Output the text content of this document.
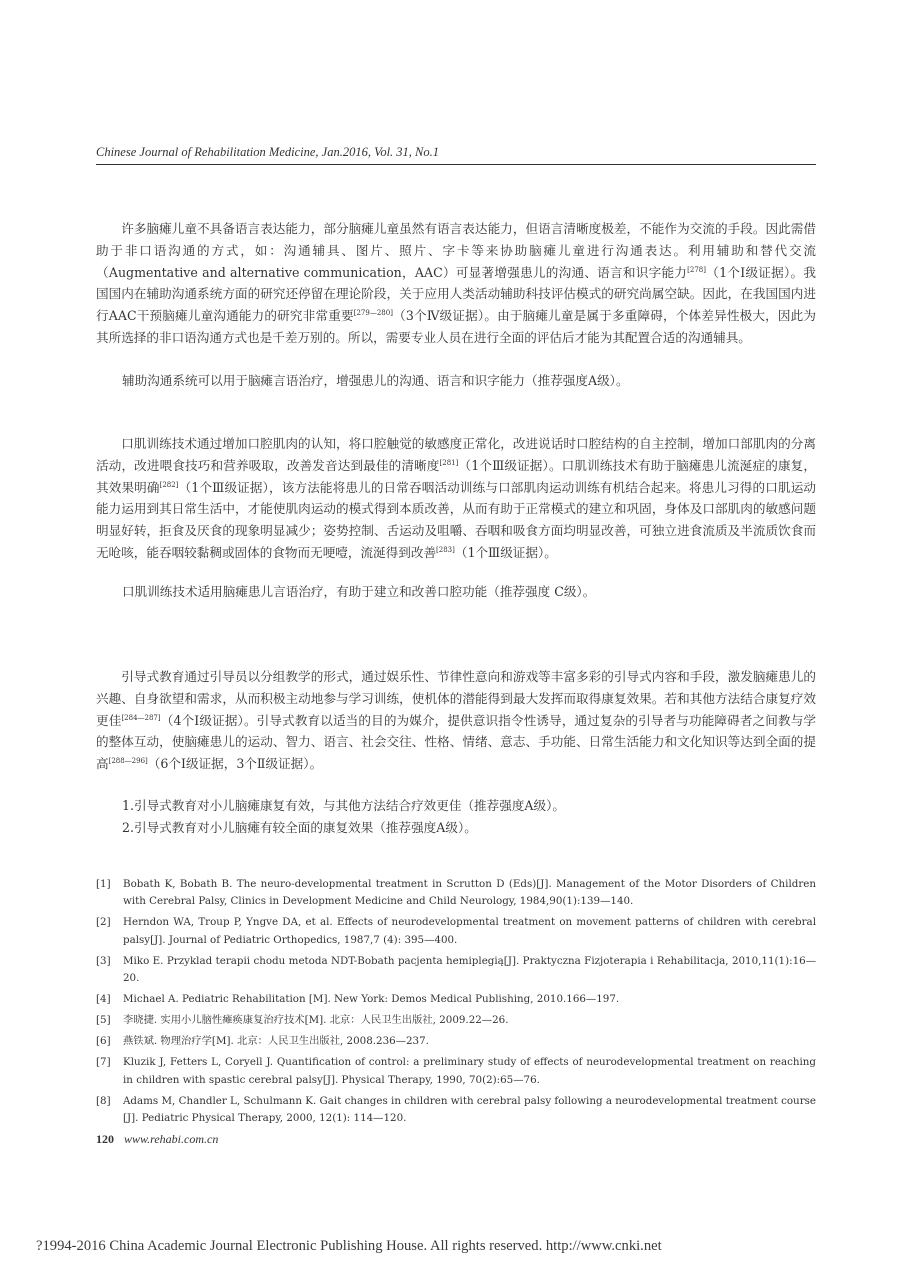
Chinese Journal of Rehabilitation Medicine, Jan.2016, Vol. 31, No.1

许多脑瘫儿童不具备语言表达能力，部分脑瘫儿童虽然有语言表达能力，但语言清晰度极差，不能作为交流的手段。因此需借助于非口语沟通的方式，如：沟通辅具、图片、照片、字卡等来协助脑瘫儿童进行沟通表达。利用辅助和替代交流（Augmentative and alternative communication，AAC）可显著增强患儿的沟通、语言和识字能力[278]（1个Ⅰ级证据）。我国国内在辅助沟通系统方面的研究还停留在理论阶段，关于应用人类活动辅助科技评估模式的研究尚属空缺。因此，在我国国内进行AAC干预脑瘫儿童沟通能力的研究非常重要[279—280]（3个Ⅳ级证据）。由于脑瘫儿童是属于多重障碍，个体差异性极大，因此为其所选择的非口语沟通方式也是千差万别的。所以，需要专业人员在进行全面的评估后才能为其配置合适的沟通辅具。

辅助沟通系统可以用于脑瘫言语治疗，增强患儿的沟通、语言和识字能力（推荐强度A级）。

口肌训练技术通过增加口腔肌肉的认知，将口腔触觉的敏感度正常化，改进说话时口腔结构的自主控制，增加口部肌肉的分离活动，改进喂食技巧和营养吸取，改善发音达到最佳的清晰度[281]（1个Ⅲ级证据）。口肌训练技术有助于脑瘫患儿流涎症的康复，其效果明确[282]（1个Ⅲ级证据），该方法能将患儿的日常吞咽活动训练与口部肌肉运动训练有机结合起来。将患儿习得的口肌运动能力运用到其日常生活中，才能使肌肉运动的模式得到本质改善，从而有助于正常模式的建立和巩固，身体及口部肌肉的敏感问题明显好转，拒食及厌食的现象明显减少；姿势控制、舌运动及咀嚼、吞咽和吸食方面均明显改善，可独立进食流质及半流质饮食而无呛咳，能吞咽较黏稠或固体的食物而无哽噎，流涎得到改善[283]（1个Ⅲ级证据）。

口肌训练技术适用脑瘫患儿言语治疗，有助于建立和改善口腔功能（推荐强度 C级）。

引导式教育通过引导员以分组教学的形式，通过娱乐性、节律性意向和游戏等丰富多彩的引导式内容和手段，激发脑瘫患儿的兴趣、自身欲望和需求，从而积极主动地参与学习训练，使机体的潜能得到最大发挥而取得康复效果。若和其他方法结合康复疗效更佳[284—287]（4个Ⅰ级证据）。引导式教育以适当的目的为媒介，提供意识指令性诱导，通过复杂的引导者与功能障碍者之间教与学的整体互动，使脑瘫患儿的运动、智力、语言、社会交往、性格、情绪、意志、手功能、日常生活能力和文化知识等达到全面的提高[288—296]（6个Ⅰ级证据，3个Ⅱ级证据）。

1.引导式教育对小儿脑瘫康复有效，与其他方法结合疗效更佳（推荐强度A级）。
2.引导式教育对小儿脑瘫有较全面的康复效果（推荐强度A级）。
[1]	Bobath K, Bobath B. The neuro-developmental treatment in Scrutton D (Eds)[J]. Management of the Motor Disorders of Children with Cerebral Palsy, Clinics in Development Medicine and Child Neurology, 1984,90(1):139—140.
[2]	Herndon WA, Troup P, Yngve DA, et al. Effects of neurodevelopmental treatment on movement patterns of children with cerebral palsy[J]. Journal of Pediatric Orthopedics, 1987,7 (4): 395—400.
[3]	Miko E. Przyklad terapii chodu metoda NDT-Bobath pacjenta hemiplegią[J]. Praktyczna Fizjoterapia i Rehabilitacja, 2010,11(1):16—20.
[4]	Michael A. Pediatric Rehabilitation [M]. New York: Demos Medical Publishing, 2010.166—197.
[5]	李晓捷. 实用小儿脑性瘫痪康复治疗技术[M]. 北京：人民卫生出版社, 2009.22—26.
[6]	燕铁斌. 物理治疗学[M]. 北京：人民卫生出版社, 2008.236—237.
[7]	Kluzik J, Fetters L, Coryell J. Quantification of control: a preliminary study of effects of neurodevelopmental treatment on reaching in children with spastic cerebral palsy[J]. Physical Therapy, 1990, 70(2):65—76.
[8]	Adams M, Chandler L, Schulmann K. Gait changes in children with cerebral palsy following a neurodevelopmental treatment course [J]. Pediatric Physical Therapy, 2000, 12(1): 114—120.
120 www.rehabi.com.cn
?1994-2016 China Academic Journal Electronic Publishing House. All rights reserved. http://www.cnki.net
